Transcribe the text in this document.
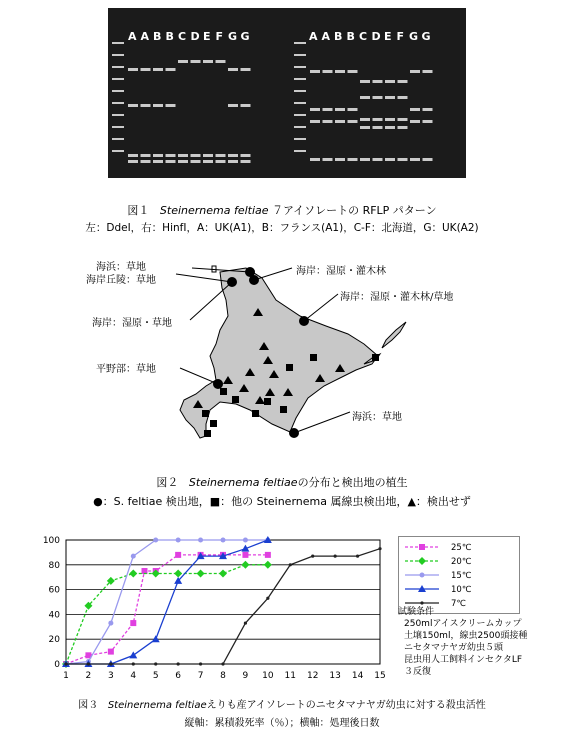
A A B B C D E F G G	A A B B C D E F G G
図１ Steinernema feltiae ７アイソレートの RFLP パターン
左：DdeⅠ，右：HinfⅠ，A：UK(A1)，B：フランス(A1)，C-F：北海道，G：UK(A2)
海浜：草地
海岸丘陵：草地
海岸：湿原・灌木林
海岸：湿原・草地
海岸：湿原・灌木林/草地
平野部：草地
海浜：草地
図２ Steinernema feltiaeの分布と検出地の植生
●：S. feltiae 検出地，■：他の Steinernema 属線虫検出地，▲：検出せず
0
20
40
60
80
100
1 2 3 4 5 6 7 8 9 10 11 12 13 14 15
25℃
20℃
15℃
10℃
7℃
試験条件
250mlアイスクリームカップ
土壌150ml，線虫2500頭接種
ニセタマナヤガ幼虫５頭
昆虫用人工飼料インセクタLF
３反復
図３ Steinernema feltiaeえりも産アイソレートのニセタマナヤガ幼虫に対する殺虫活性
縦軸：累積殺死率（％）；横軸：処理後日数
